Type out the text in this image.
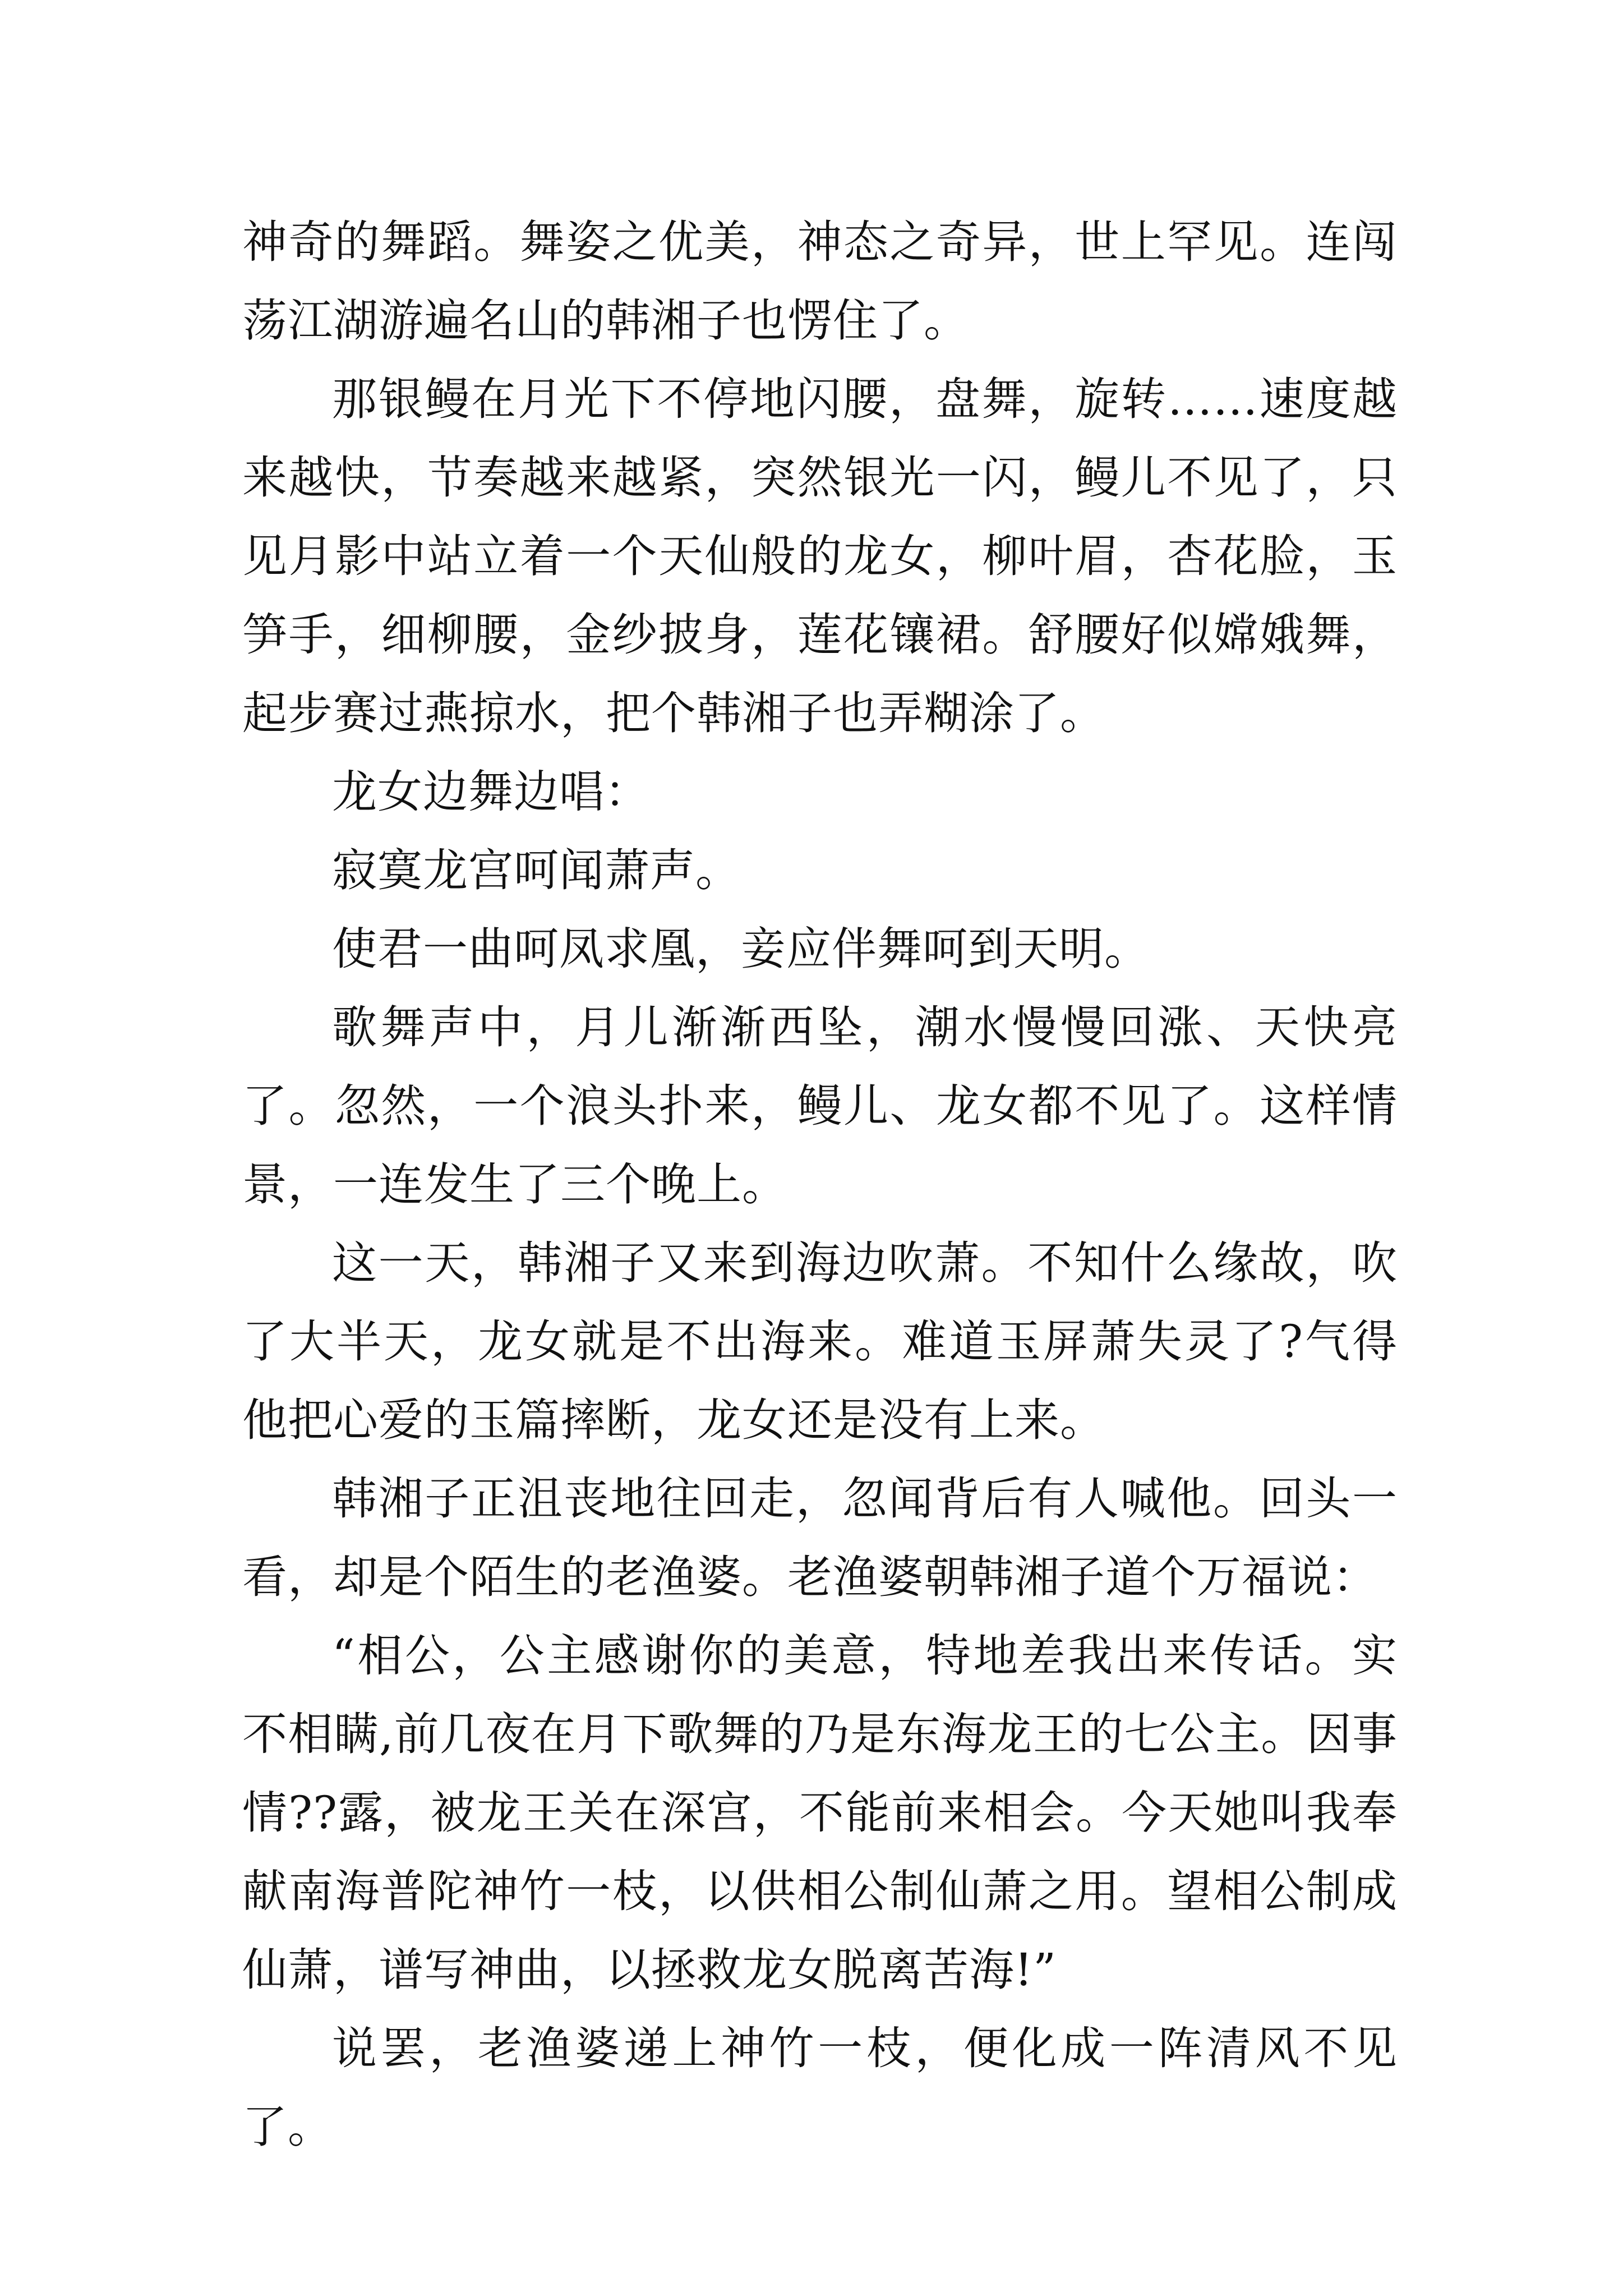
神奇的舞蹈。舞姿之优美，神态之奇异，世上罕见。连闯荡江湖游遍名山的韩湘子也愣住了。

那银鳗在月光下不停地闪腰，盘舞，旋转……速度越来越快，节奏越来越紧，突然银光一闪，鳗儿不见了，只见月影中站立着一个天仙般的龙女，柳叶眉，杏花脸，玉笋手，细柳腰，金纱披身，莲花镶裙。舒腰好似嫦娥舞，起步赛过燕掠水，把个韩湘子也弄糊涂了。

龙女边舞边唱：

寂寞龙宫呵闻萧声。

使君一曲呵凤求凰，妾应伴舞呵到天明。

歌舞声中，月儿渐渐西坠，潮水慢慢回涨、天快亮了。忽然，一个浪头扑来，鳗儿、龙女都不见了。这样情景，一连发生了三个晚上。

这一天，韩湘子又来到海边吹萧。不知什么缘故，吹了大半天，龙女就是不出海来。难道玉屏萧失灵了?气得他把心爱的玉篇摔断，龙女还是没有上来。

韩湘子正沮丧地往回走，忽闻背后有人喊他。回头一看，却是个陌生的老渔婆。老渔婆朝韩湘子道个万福说：

“相公，公主感谢你的美意，特地差我出来传话。实不相瞒,前几夜在月下歌舞的乃是东海龙王的七公主。因事情??露，被龙王关在深宫，不能前来相会。今天她叫我奉献南海普陀神竹一枝，以供相公制仙萧之用。望相公制成仙萧，谱写神曲，以拯救龙女脱离苦海!”

说罢，老渔婆递上神竹一枝，便化成一阵清风不见了。
